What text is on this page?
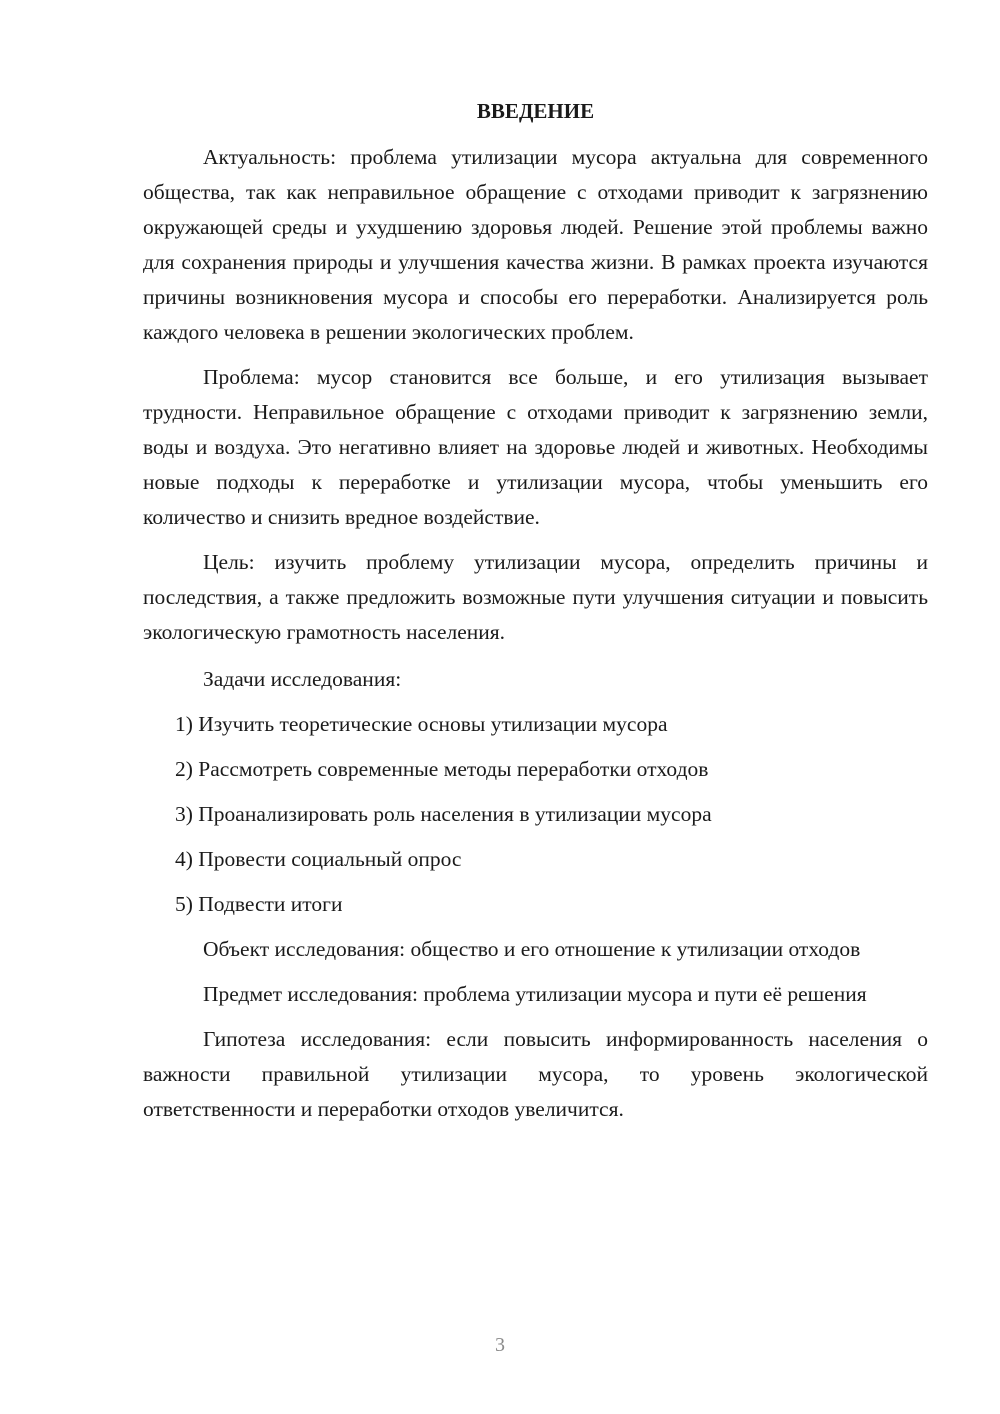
ВВЕДЕНИЕ

Актуальность: проблема утилизации мусора актуальна для современного общества, так как неправильное обращение с отходами приводит к загрязнению окружающей среды и ухудшению здоровья людей. Решение этой проблемы важно для сохранения природы и улучшения качества жизни. В рамках проекта изучаются причины возникновения мусора и способы его переработки. Анализируется роль каждого человека в решении экологических проблем.

Проблема: мусор становится все больше, и его утилизация вызывает трудности. Неправильное обращение с отходами приводит к загрязнению земли, воды и воздуха. Это негативно влияет на здоровье людей и животных. Необходимы новые подходы к переработке и утилизации мусора, чтобы уменьшить его количество и снизить вредное воздействие.

Цель: изучить проблему утилизации мусора, определить причины и последствия, а также предложить возможные пути улучшения ситуации и повысить экологическую грамотность населения.

Задачи исследования:

1) Изучить теоретические основы утилизации мусора
2) Рассмотреть современные методы переработки отходов
3) Проанализировать роль населения в утилизации мусора
4) Провести социальный опрос
5) Подвести итоги

Объект исследования: общество и его отношение к утилизации отходов

Предмет исследования: проблема утилизации мусора и пути её решения

Гипотеза исследования: если повысить информированность населения о важности правильной утилизации мусора, то уровень экологической ответственности и переработки отходов увеличится.

3
